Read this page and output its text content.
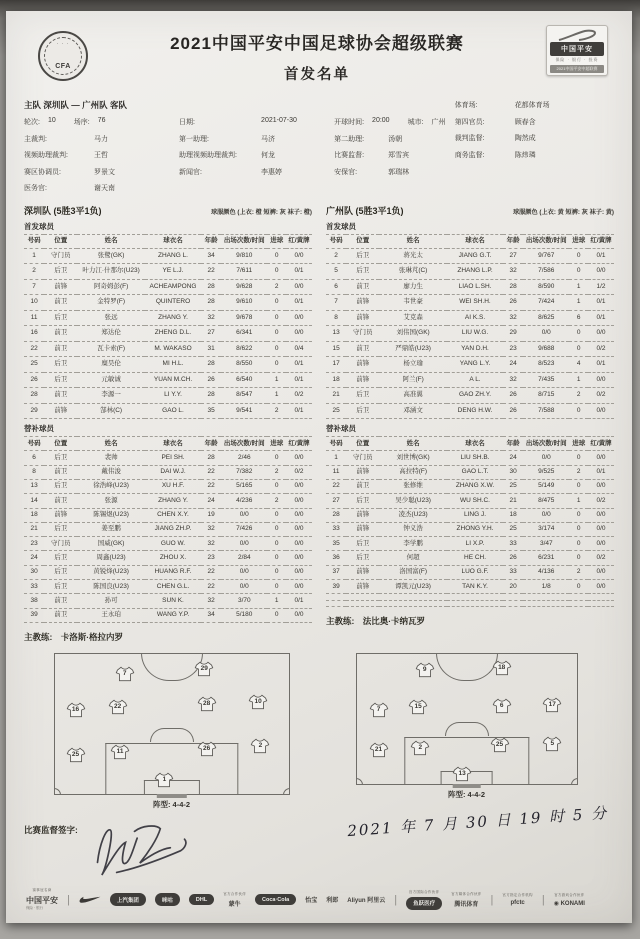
· · ·
CFA
2021中国平安中国足球协会超级联赛
首发名单
中国平安
保险 · 银行 · 投资
2021中国平安中超联赛
主队 深圳队 — 广州队 客队
轮次: 10	场序: 76
主裁判:	马力
视频助理裁判:	王哲
赛区协调员:	罗景文
医务官:	谢天南
日期:	2021-07-30
第一助理:	马济
助理视频助理裁判:	何龙
新闻官:	李惠婷
开球时间: 20:00	城市: 广州
第二助理:	汤朝
比赛监督:	郑雪宾
安保官:	郭瑞林
体育场:	花都体育场
第四官员:	顾春含
裁判监督:	陶然成
商务监督:	陈炜璘
深圳队 (5胜3平1负)	球服颜色 (上衣: 橙 短裤: 灰 袜子: 橙)
首发球员
号码	位置	姓名	球衣名	年龄	出场次数/时间	进球	红/黄牌
1	守门员	张鹭(GK)	ZHANG L.	34	9/810	0	0/0
2	后卫	叶力江·什那尔(U23)	YE L.J.	22	7/611	0	0/1
7	前锋	阿奇姆彭(F)	ACHEAMPONG	28	9/628	2	0/0
10	前卫	金特罗(F)	QUINTERO	28	9/610	0	0/1
11	后卫	张远	ZHANG Y.	32	9/678	0	0/0
16	前卫	郑达伦	ZHENG D.L.	27	6/341	0	0/0
22	前卫	瓦卡索(F)	M. WAKASO	31	8/622	0	0/4
25	后卫	糜昊伦	MI H.L.	28	8/550	0	0/1
26	后卫	元敏诚	YUAN M.CH.	26	6/540	1	0/1
28	前卫	李源一	LI Y.Y.	28	8/547	1	0/2
29	前锋	郜林(C)	GAO L.	35	9/541	2	0/1
替补球员
号码	位置	姓名	球衣名	年龄	出场次数/时间	进球	红/黄牌
6	后卫	裴帅	PEI SH.	28	2/46	0	0/0
8	前卫	戴伟浚	DAI W.J.	22	7/382	2	0/2
13	后卫	徐浩峰(U23)	XU H.F.	22	5/165	0	0/0
14	前卫	张源	ZHANG Y.	24	4/236	2	0/0
18	前锋	陈锡煜(U23)	CHEN X.Y.	19	0/0	0	0/0
21	后卫	姜至鹏	JIANG ZH.P.	32	7/426	0	0/0
23	守门员	国威(GK)	GUO W.	32	0/0	0	0/0
24	后卫	周鑫(U23)	ZHOU X.	23	2/84	0	0/0
30	后卫	黄锐烽(U23)	HUANG R.F.	22	0/0	0	0/0
33	后卫	陈国良(U23)	CHEN G.L.	22	0/0	0	0/0
38	前卫	孙可	SUN K.	32	3/70	1	0/1
39	前卫	王永珀	WANG Y.P.	34	5/180	0	0/0
主教练: 卡洛斯·格拉内罗
广州队 (5胜3平1负)	球服颜色 (上衣: 黄 短裤: 灰 袜子: 黄)
首发球员
号码	位置	姓名	球衣名	年龄	出场次数/时间	进球	红/黄牌
2	后卫	蒋光太	JIANG G.T.	27	9/767	0	0/1
5	后卫	张琳芃(C)	ZHANG L.P.	32	7/586	0	0/0
6	前卫	廖力生	LIAO L.SH.	28	8/590	1	1/2
7	前锋	韦世豪	WEI SH.H.	26	7/424	1	0/1
8	前锋	艾克森	AI K.S.	32	8/625	6	0/1
13	守门员	刘伟国(GK)	LIU W.G.	29	0/0	0	0/0
15	前卫	严鼎皓(U23)	YAN D.H.	23	9/688	0	0/2
17	前锋	杨立瑜	YANG L.Y.	24	8/523	4	0/1
18	前锋	阿兰(F)	A L.	32	7/435	1	0/0
21	后卫	高准翼	GAO ZH.Y.	26	8/715	2	0/2
25	后卫	邓涵文	DENG H.W.	26	7/588	0	0/0
替补球员
号码	位置	姓名	球衣名	年龄	出场次数/时间	进球	红/黄牌
1	守门员	刘世博(GK)	LIU SH.B.	24	0/0	0	0/0
11	前锋	高拉特(F)	GAO L.T.	30	9/525	2	0/1
22	前卫	张修维	ZHANG X.W.	25	5/149	0	0/0
27	后卫	吴少聪(U23)	WU SH.C.	21	8/475	1	0/2
28	前锋	凌杰(U23)	LING J.	18	0/0	0	0/0
33	前锋	钟义浩	ZHONG Y.H.	25	3/174	0	0/0
35	后卫	李学鹏	LI X.P.	33	3/47	0	0/0
36	后卫	何超	HE CH.	26	6/231	0	0/2
37	前锋	洛国富(F)	LUO G.F.	33	4/136	2	0/0
39	前锋	谭凯元(U23)	TAN K.Y.	20	1/8	0	0/0

主教练: 法比奥·卡纳瓦罗
7
29
16	22	28	10
25	11	26	2
1
阵型: 4-4-2
9	18
7	15	6	17
21	2	25	5
13
阵型: 4-4-2
2021 年 7 月 30 日 19 时 5 分
比赛监督签字:
赛事冠名商
中国平安
保险 · 银行
|	上汽集团	咪咕	DHL
官方合作伙伴
蒙牛
Coca·Cola	怡宝 利郎 Aliyun 阿里云 |
官方国际合作伙伴
鱼跃医疗
官方媒体合作伙伴
腾讯体育 |	官方指定合作机构
pfctc |	官方游戏合作伙伴
◉ KONAMI
